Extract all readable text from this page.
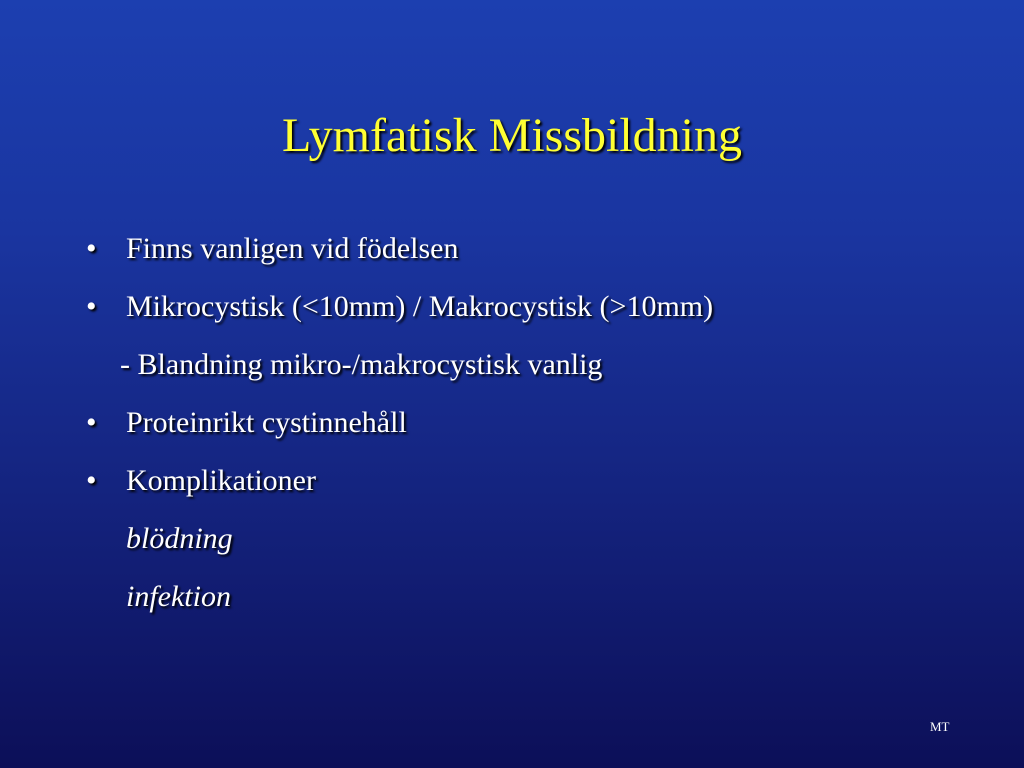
Lymfatisk Missbildning
• Finns vanligen vid födelsen
• Mikrocystisk (<10mm) / Makrocystisk (>10mm)
- Blandning mikro-/makrocystisk vanlig
• Proteinrikt cystinnehåll
• Komplikationer
blödning
infektion
MT
